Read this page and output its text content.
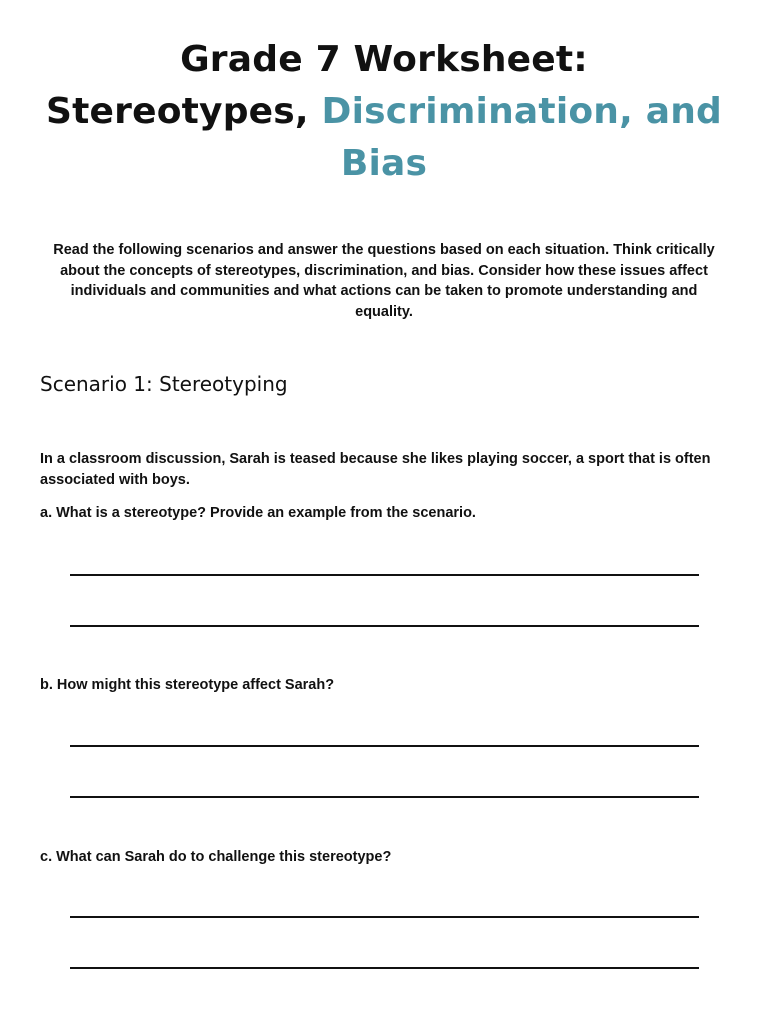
Grade 7 Worksheet:
Stereotypes, Discrimination, and
Bias

Read the following scenarios and answer the questions based on each situation. Think critically about the concepts of stereotypes, discrimination, and bias. Consider how these issues affect individuals and communities and what actions can be taken to promote understanding and equality.

Scenario 1: Stereotyping

In a classroom discussion, Sarah is teased because she likes playing soccer, a sport that is often associated with boys.

a. What is a stereotype? Provide an example from the scenario.

b. How might this stereotype affect Sarah?

c. What can Sarah do to challenge this stereotype?
